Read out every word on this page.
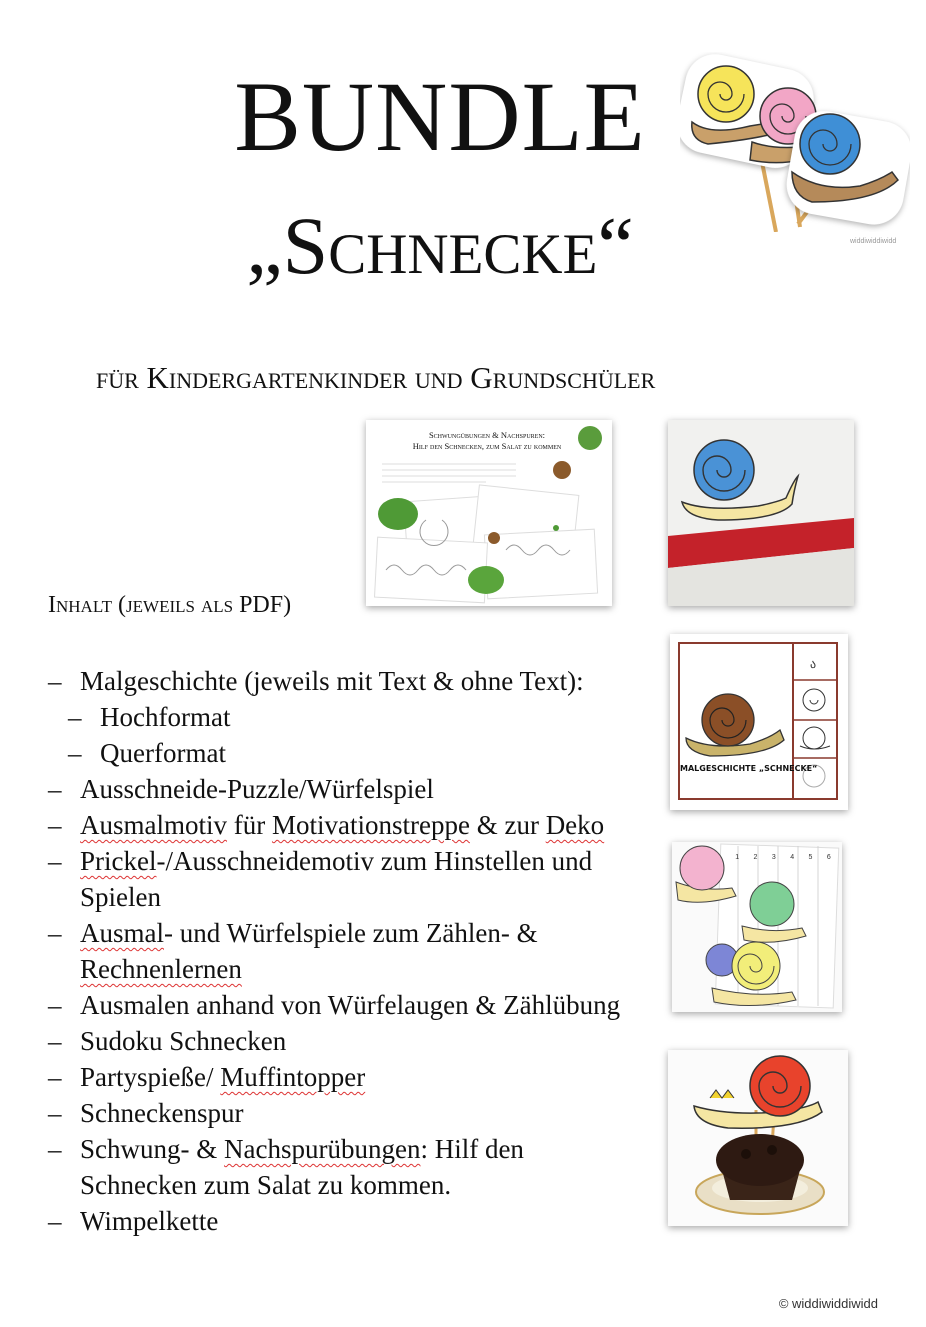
BUNDLE
„Schnecke“	widdiwiddiwidd
für Kindergartenkinder und Grundschüler
Schwungübungen & Nachspuren:
Hilf den Schnecken, zum Salat zu kommen
Inhalt (jeweils als PDF)
– Malgeschichte (jeweils mit Text & ohne Text):
– Hochformat
– Querformat
– Ausschneide-Puzzle/Würfelspiel
– Ausmalmotiv für Motivationstreppe & zur Deko
– Prickel-/Ausschneidemotiv zum Hinstellen und
Spielen
– Ausmal- und Würfelspiele zum Zählen- &
Rechnenlernen
– Ausmalen anhand von Würfelaugen & Zählübung
– Sudoku Schnecken
– Partyspieße/ Muffintopper
– Schneckenspur
– Schwung- & Nachspurübungen: Hilf den
Schnecken zum Salat zu kommen.
– Wimpelkette
ა
MALGESCHICHTE „SCHNECKE“
1 2 3 4 5 6
© widdiwiddiwidd
